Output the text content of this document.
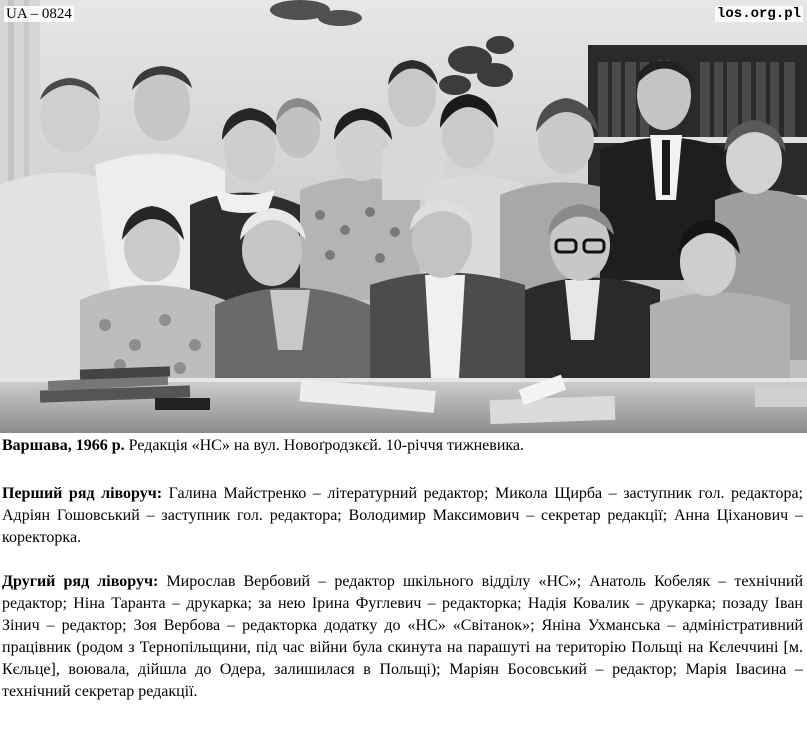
UA – 0824	los.org.pl
Варшава, 1966 р. Редакція «НС» на вул. Новоґродзкєй. 10-річчя тижневика.
Перший ряд ліворуч: Галина Майстренко – літературний редактор; Микола Щирба – заступник гол. редактора; Адріян Гошовський – заступник гол. редактора; Володимир Максимович – секретар редакції; Анна Ціханович – коректорка.
Другий ряд ліворуч: Мирослав Вербовий – редактор шкільного відділу «НС»; Анатоль Кобеляк – технічний редактор; Ніна Таранта – друкарка; за нею Ірина Фуглевич – редакторка; Надія Ковалик – друкарка; позаду Іван Зінич – редактор; Зоя Вербова – редакторка додатку до «НС» «Світанок»; Яніна Ухманська – адміністративний працівник (родом з Тернопільщини, під час війни була скинута на парашуті на територію Польщі на Кєлеччині [м. Кєльце], воювала, дійшла до Одера, залишилася в Польщі); Маріян Босовський – редактор; Марія Івасина – технічний секретар редакції.
